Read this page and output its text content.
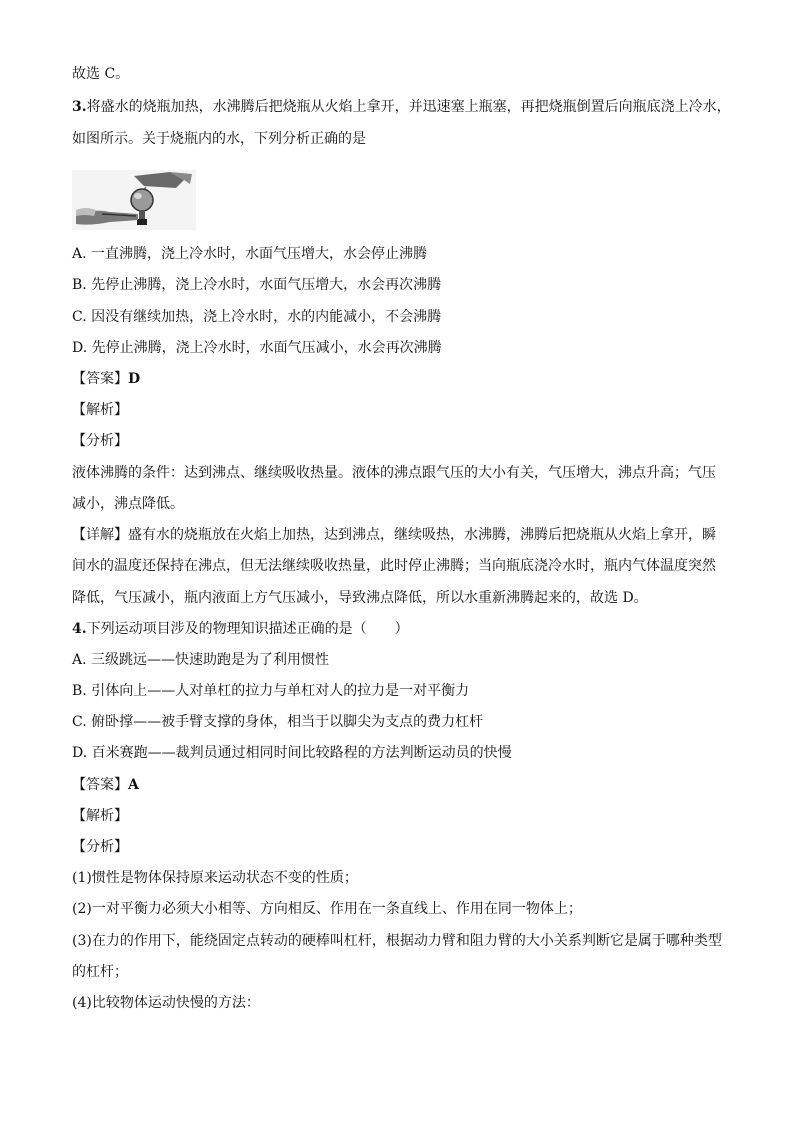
故选 C。
3.将盛水的烧瓶加热，水沸腾后把烧瓶从火焰上拿开，并迅速塞上瓶塞，再把烧瓶倒置后向瓶底浇上冷水，
如图所示。关于烧瓶内的水，下列分析正确的是
A. 一直沸腾，浇上冷水时，水面气压增大，水会停止沸腾
B. 先停止沸腾，浇上冷水时，水面气压增大，水会再次沸腾
C. 因没有继续加热，浇上冷水时，水的内能减小，不会沸腾
D. 先停止沸腾，浇上冷水时，水面气压减小，水会再次沸腾
【答案】D
【解析】
【分析】
液体沸腾的条件：达到沸点、继续吸收热量。液体的沸点跟气压的大小有关，气压增大，沸点升高；气压
减小，沸点降低。
【详解】盛有水的烧瓶放在火焰上加热，达到沸点，继续吸热，水沸腾，沸腾后把烧瓶从火焰上拿开，瞬
间水的温度还保持在沸点，但无法继续吸收热量，此时停止沸腾；当向瓶底浇冷水时，瓶内气体温度突然
降低，气压减小，瓶内液面上方气压减小，导致沸点降低，所以水重新沸腾起来的，故选 D。
4.下列运动项目涉及的物理知识描述正确的是（　　）
A. 三级跳远——快速助跑是为了利用惯性
B. 引体向上——人对单杠的拉力与单杠对人的拉力是一对平衡力
C. 俯卧撑——被手臂支撑的身体，相当于以脚尖为支点的费力杠杆
D. 百米赛跑——裁判员通过相同时间比较路程的方法判断运动员的快慢
【答案】A
【解析】
【分析】
(1)惯性是物体保持原来运动状态不变的性质；
(2)一对平衡力必须大小相等、方向相反、作用在一条直线上、作用在同一物体上；
(3)在力的作用下，能绕固定点转动的硬棒叫杠杆，根据动力臂和阻力臂的大小关系判断它是属于哪种类型
的杠杆；
(4)比较物体运动快慢的方法：
